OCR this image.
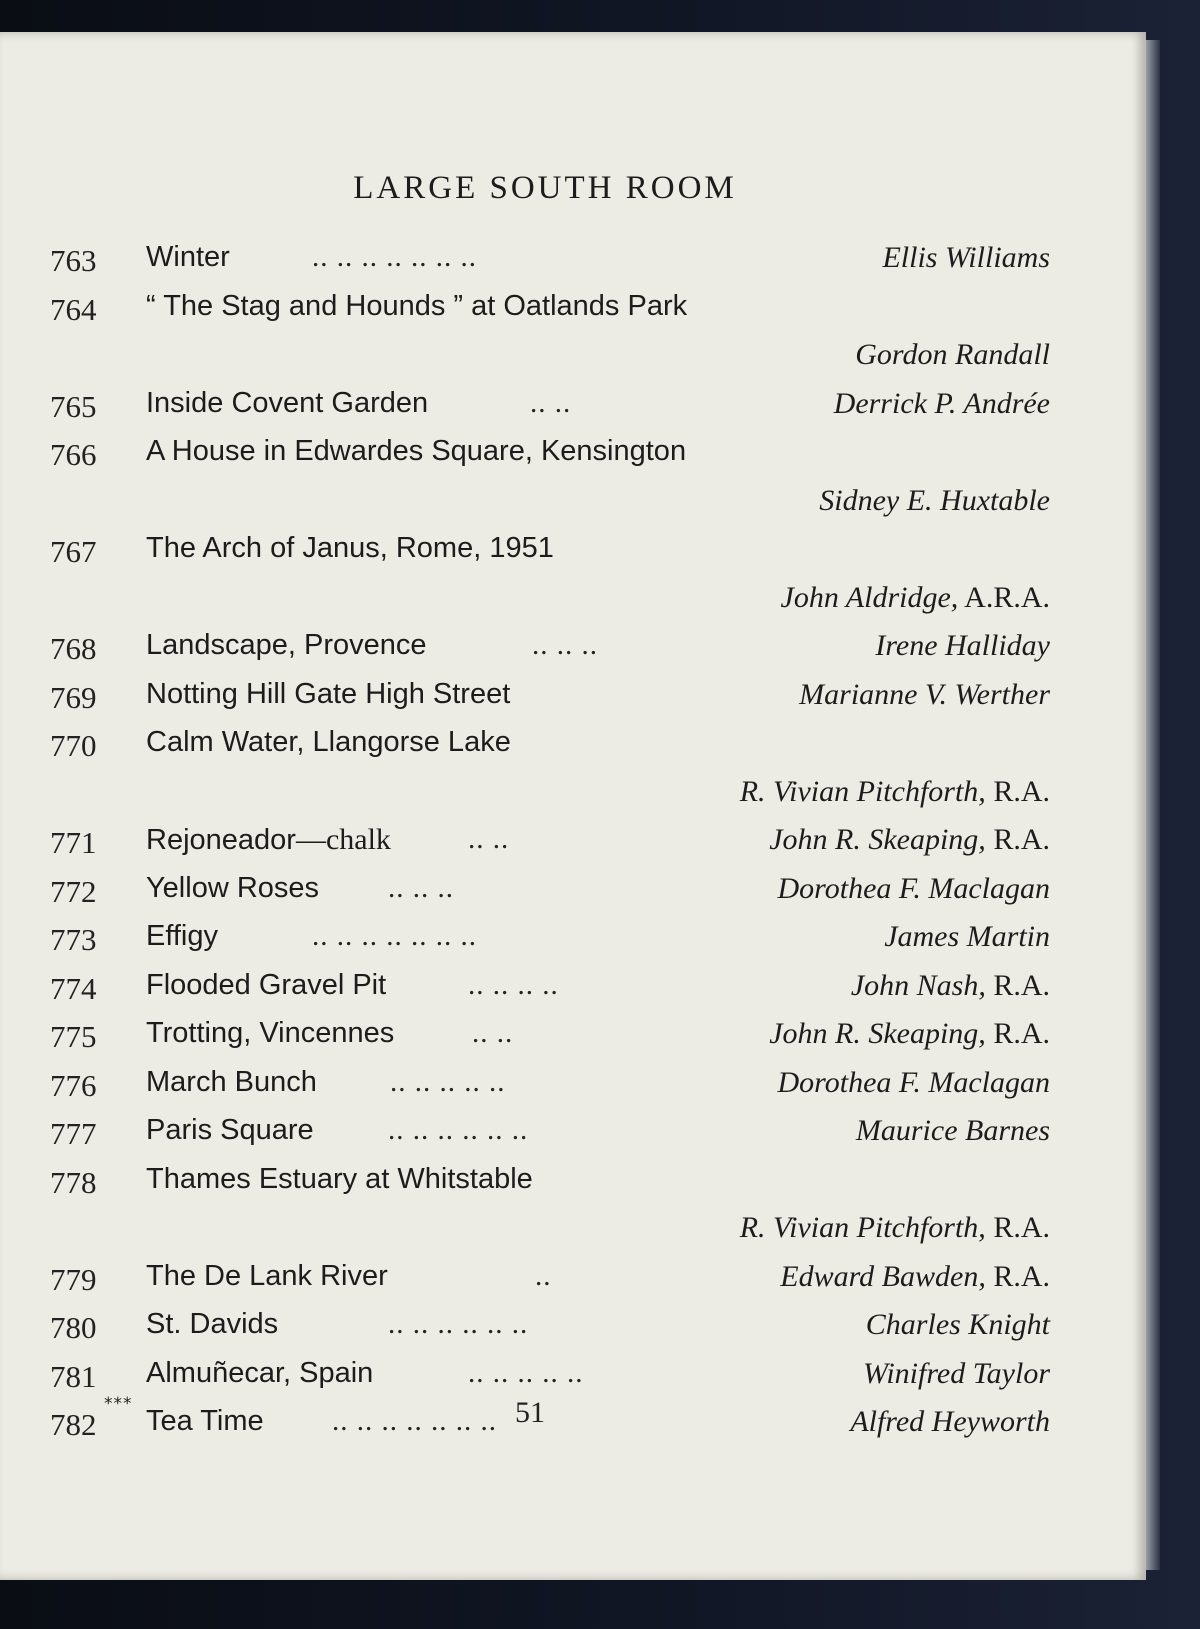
LARGE SOUTH ROOM
763	Winter	.. .. .. .. .. .. ..	Ellis Williams
764	“ The Stag and Hounds ” at Oatlands Park
Gordon Randall
765	Inside Covent Garden	.. ..	Derrick P. Andrée
766	A House in Edwardes Square, Kensington
Sidney E. Huxtable
767	The Arch of Janus, Rome, 1951
John Aldridge, A.R.A.
768	Landscape, Provence	.. .. ..	Irene Halliday
769	Notting Hill Gate High Street	Marianne V. Werther
770	Calm Water, Llangorse Lake
R. Vivian Pitchforth, R.A.
771	Rejoneador—chalk	.. ..	John R. Skeaping, R.A.
772	Yellow Roses .. .. ..	Dorothea F. Maclagan
773	Effigy	.. .. .. .. .. .. ..	James Martin
774	Flooded Gravel Pit	.. .. .. ..	John Nash, R.A.
775	Trotting, Vincennes	.. ..	John R. Skeaping, R.A.
776	March Bunch	.. .. .. .. ..	Dorothea F. Maclagan
777	Paris Square	.. .. .. .. .. ..	Maurice Barnes
778	Thames Estuary at Whitstable
R. Vivian Pitchforth, R.A.
779	The De Lank River	..	Edward Bawden, R.A.
780	St. Davids	.. .. .. .. .. ..	Charles Knight
781	Almuñecar, Spain	.. .. .. .. ..	Winifred Taylor
782	Tea Time .. .. .. .. .. .. ..	Alfred Heyworth
***	51
